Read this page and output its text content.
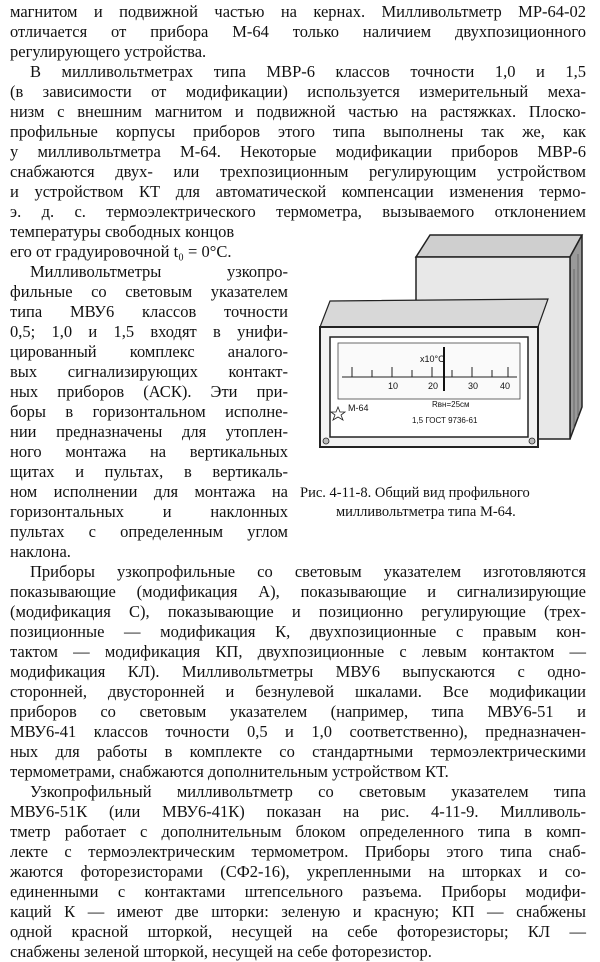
магнитом и подвижной частью на кернах. Милливольтметр МР-64-02
отличается от прибора М-64 только наличием двухпозиционного
регулирующего устройства.
В милливольтметрах типа МВР-6 классов точности 1,0 и 1,5
(в зависимости от модификации) используется измерительный меха-
низм с внешним магнитом и подвижной частью на растяжках. Плоско-
профильные корпусы приборов этого типа выполнены так же, как
у милливольтметра М-64. Некоторые модификации приборов МВР-6
снабжаются двух- или трехпозиционным регулирующим устройством
и устройством КТ для автоматической компенсации изменения термо-
э. д. с. термоэлектрического термометра, вызываемого отклонением
температуры свободных концов
его от градуировочной t₀ = 0°C.
Милливольтметры узкопро-
фильные со световым указателем
типа МВУ6 классов точности
0,5; 1,0 и 1,5 входят в унифи-
цированный комплекс аналого-
вых сигнализирующих контакт-
ных приборов (АСК). Эти при-
боры в горизонтальном исполне-
нии предназначены для утоплен-
ного монтажа на вертикальных
щитах и пультах, в вертикаль-
ном исполнении для монтажа на
горизонтальных и наклонных
пультах с определенным углом
наклона.
x10°C
10	20	30 40
М-64	Rвн=25см
1,5 ГОСТ 9736-61
Рис. 4-11-8. Общий вид профильного
милливольтметра типа М-64.
Приборы узкопрофильные со световым указателем изготовляются
показывающие (модификация А), показывающие и сигнализирующие
(модификация С), показывающие и позиционно регулирующие (трех-
позиционные — модификация К, двухпозиционные с правым кон-
тактом — модификация КП, двухпозиционные с левым контактом —
модификация КЛ). Милливольтметры МВУ6 выпускаются с одно-
сторонней, двусторонней и безнулевой шкалами. Все модификации
приборов со световым указателем (например, типа МВУ6-51 и
МВУ6-41 классов точности 0,5 и 1,0 соответственно), предназначен-
ных для работы в комплекте со стандартными термоэлектрическими
термометрами, снабжаются дополнительным устройством КТ.
Узкопрофильный милливольтметр со световым указателем типа
МВУ6-51К (или МВУ6-41К) показан на рис. 4-11-9. Милливоль-
тметр работает с дополнительным блоком определенного типа в комп-
лекте с термоэлектрическим термометром. Приборы этого типа снаб-
жаются фоторезисторами (СФ2-16), укрепленными на шторках и со-
единенными с контактами штепсельного разъема. Приборы модифи-
каций К — имеют две шторки: зеленую и красную; КП — снабжены
одной красной шторкой, несущей на себе фоторезисторы; КЛ —
снабжены зеленой шторкой, несущей на себе фоторезистор.
